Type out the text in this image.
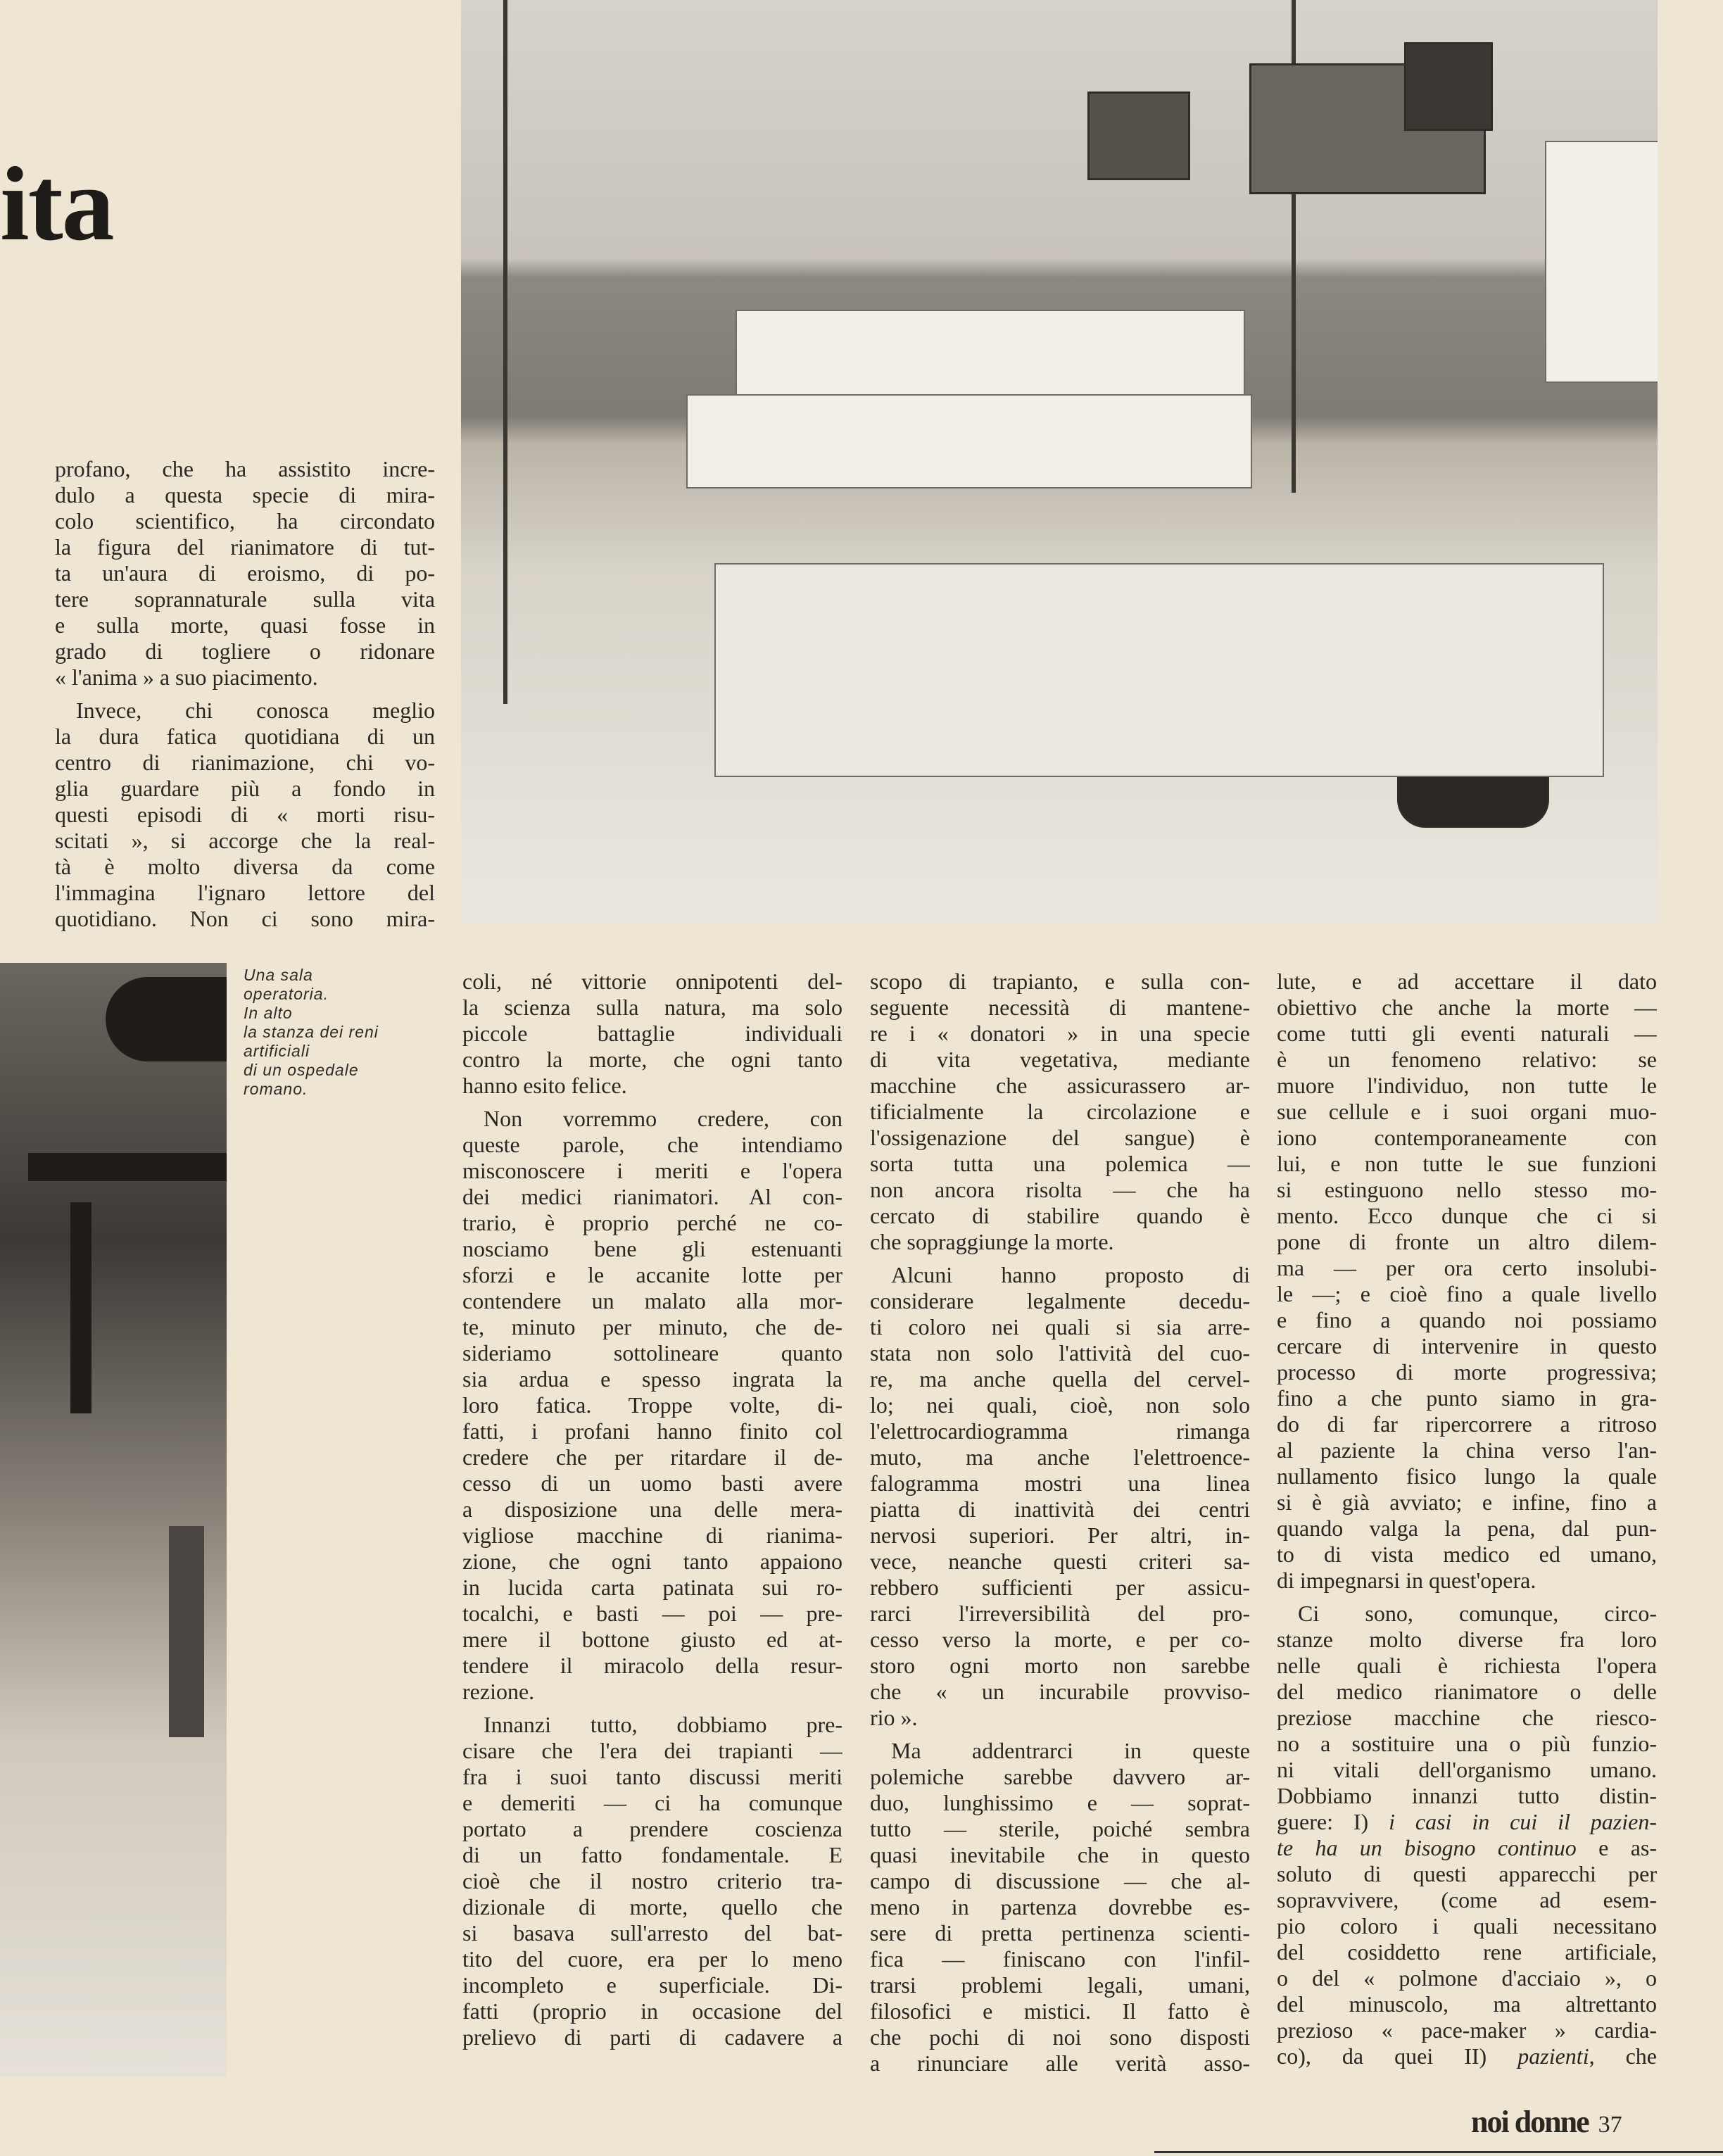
ita
Una sala
operatoria.
In alto
la stanza dei reni
artificiali
di un ospedale
romano.
profano, che ha assistito incre-
dulo a questa specie di mira-
colo scientifico, ha circondato
la figura del rianimatore di tut-
ta un'aura di eroismo, di po-
tere soprannaturale sulla vita
e sulla morte, quasi fosse in
grado di togliere o ridonare
« l'anima » a suo piacimento.
Invece, chi conosca meglio
la dura fatica quotidiana di un
centro di rianimazione, chi vo-
glia guardare più a fondo in
questi episodi di « morti risu-
scitati », si accorge che la real-
tà è molto diversa da come
l'immagina l'ignaro lettore del
quotidiano. Non ci sono mira-
coli, né vittorie onnipotenti del-
la scienza sulla natura, ma solo
piccole battaglie individuali
contro la morte, che ogni tanto
hanno esito felice.
Non vorremmo credere, con
queste parole, che intendiamo
misconoscere i meriti e l'opera
dei medici rianimatori. Al con-
trario, è proprio perché ne co-
nosciamo bene gli estenuanti
sforzi e le accanite lotte per
contendere un malato alla mor-
te, minuto per minuto, che de-
sideriamo sottolineare quanto
sia ardua e spesso ingrata la
loro fatica. Troppe volte, di-
fatti, i profani hanno finito col
credere che per ritardare il de-
cesso di un uomo basti avere
a disposizione una delle mera-
vigliose macchine di rianima-
zione, che ogni tanto appaiono
in lucida carta patinata sui ro-
tocalchi, e basti — poi — pre-
mere il bottone giusto ed at-
tendere il miracolo della resur-
rezione.
Innanzi tutto, dobbiamo pre-
cisare che l'era dei trapianti —
fra i suoi tanto discussi meriti
e demeriti — ci ha comunque
portato a prendere coscienza
di un fatto fondamentale. E
cioè che il nostro criterio tra-
dizionale di morte, quello che
si basava sull'arresto del bat-
tito del cuore, era per lo meno
incompleto e superficiale. Di-
fatti (proprio in occasione del
prelievo di parti di cadavere a
scopo di trapianto, e sulla con-
seguente necessità di mantene-
re i « donatori » in una specie
di vita vegetativa, mediante
macchine che assicurassero ar-
tificialmente la circolazione e
l'ossigenazione del sangue) è
sorta tutta una polemica —
non ancora risolta — che ha
cercato di stabilire quando è
che sopraggiunge la morte.
Alcuni hanno proposto di
considerare legalmente decedu-
ti coloro nei quali si sia arre-
stata non solo l'attività del cuo-
re, ma anche quella del cervel-
lo; nei quali, cioè, non solo
l'elettrocardiogramma rimanga
muto, ma anche l'elettroence-
falogramma mostri una linea
piatta di inattività dei centri
nervosi superiori. Per altri, in-
vece, neanche questi criteri sa-
rebbero sufficienti per assicu-
rarci l'irreversibilità del pro-
cesso verso la morte, e per co-
storo ogni morto non sarebbe
che « un incurabile provviso-
rio ».
Ma addentrarci in queste
polemiche sarebbe davvero ar-
duo, lunghissimo e — soprat-
tutto — sterile, poiché sembra
quasi inevitabile che in questo
campo di discussione — che al-
meno in partenza dovrebbe es-
sere di pretta pertinenza scienti-
fica — finiscano con l'infil-
trarsi problemi legali, umani,
filosofici e mistici. Il fatto è
che pochi di noi sono disposti
a rinunciare alle verità asso-
lute, e ad accettare il dato
obiettivo che anche la morte —
come tutti gli eventi naturali —
è un fenomeno relativo: se
muore l'individuo, non tutte le
sue cellule e i suoi organi muo-
iono contemporaneamente con
lui, e non tutte le sue funzioni
si estinguono nello stesso mo-
mento. Ecco dunque che ci si
pone di fronte un altro dilem-
ma — per ora certo insolubi-
le —; e cioè fino a quale livello
e fino a quando noi possiamo
cercare di intervenire in questo
processo di morte progressiva;
fino a che punto siamo in gra-
do di far ripercorrere a ritroso
al paziente la china verso l'an-
nullamento fisico lungo la quale
si è già avviato; e infine, fino a
quando valga la pena, dal pun-
to di vista medico ed umano,
di impegnarsi in quest'opera.
Ci sono, comunque, circo-
stanze molto diverse fra loro
nelle quali è richiesta l'opera
del medico rianimatore o delle
preziose macchine che riesco-
no a sostituire una o più funzio-
ni vitali dell'organismo umano.
Dobbiamo innanzi tutto distin-
guere: I) i casi in cui il pazien-
te ha un bisogno continuo e as-
soluto di questi apparecchi per
sopravvivere, (come ad esem-
pio coloro i quali necessitano
del cosiddetto rene artificiale,
o del « polmone d'acciaio », o
del minuscolo, ma altrettanto
prezioso « pace-maker » cardia-
co), da quei II) pazienti, che
noi donne 37
